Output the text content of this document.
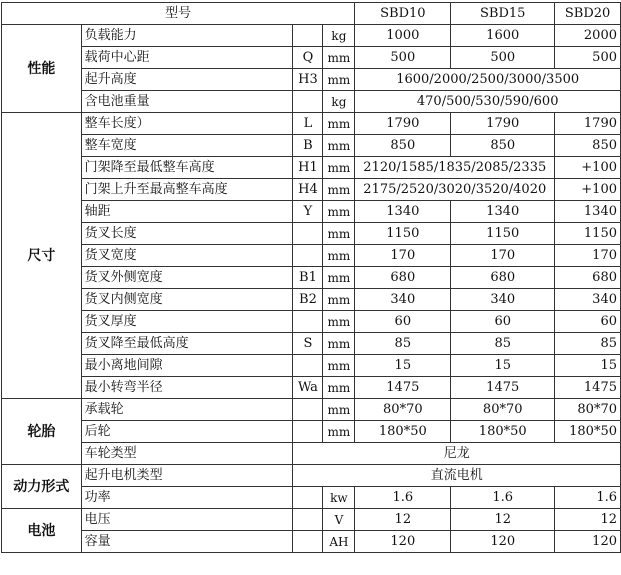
型号				SBD10	SBD15	SBD20
性能	负载能力		kg	1000	1600	2000
	载荷中心距	Q	mm	500	500	500
	起升高度	H3	mm	1600/2000/2500/3000/3500		
	含电池重量		kg	470/500/530/590/600		
尺寸	整车长度）	L	mm	1790	1790	1790
	整车宽度	B	mm	850	850	850
	门架降至最低整车高度	H1	mm	2120/1585/1835/2085/2335		+100
	门架上升至最高整车高度	H4	mm	2175/2520/3020/3520/4020		+100
	轴距	Y	mm	1340	1340	1340
	货叉长度		mm	1150	1150	1150
	货叉宽度		mm	170	170	170
	货叉外侧宽度	B1	mm	680	680	680
	货叉内侧宽度	B2	mm	340	340	340
	货叉厚度		mm	60	60	60
	货叉降至最低高度	S	mm	85	85	85
	最小离地间隙		mm	15	15	15
	最小转弯半径	Wa	mm	1475	1475	1475
轮胎	承载轮		mm	80*70	80*70	80*70
	后轮		mm	180*50	180*50	180*50
	车轮类型	尼龙				
动力形式	起升电机类型	直流电机				
	功率		kw	1.6	1.6	1.6
电池	电压		V	12	12	12
	容量		AH	120	120	120
